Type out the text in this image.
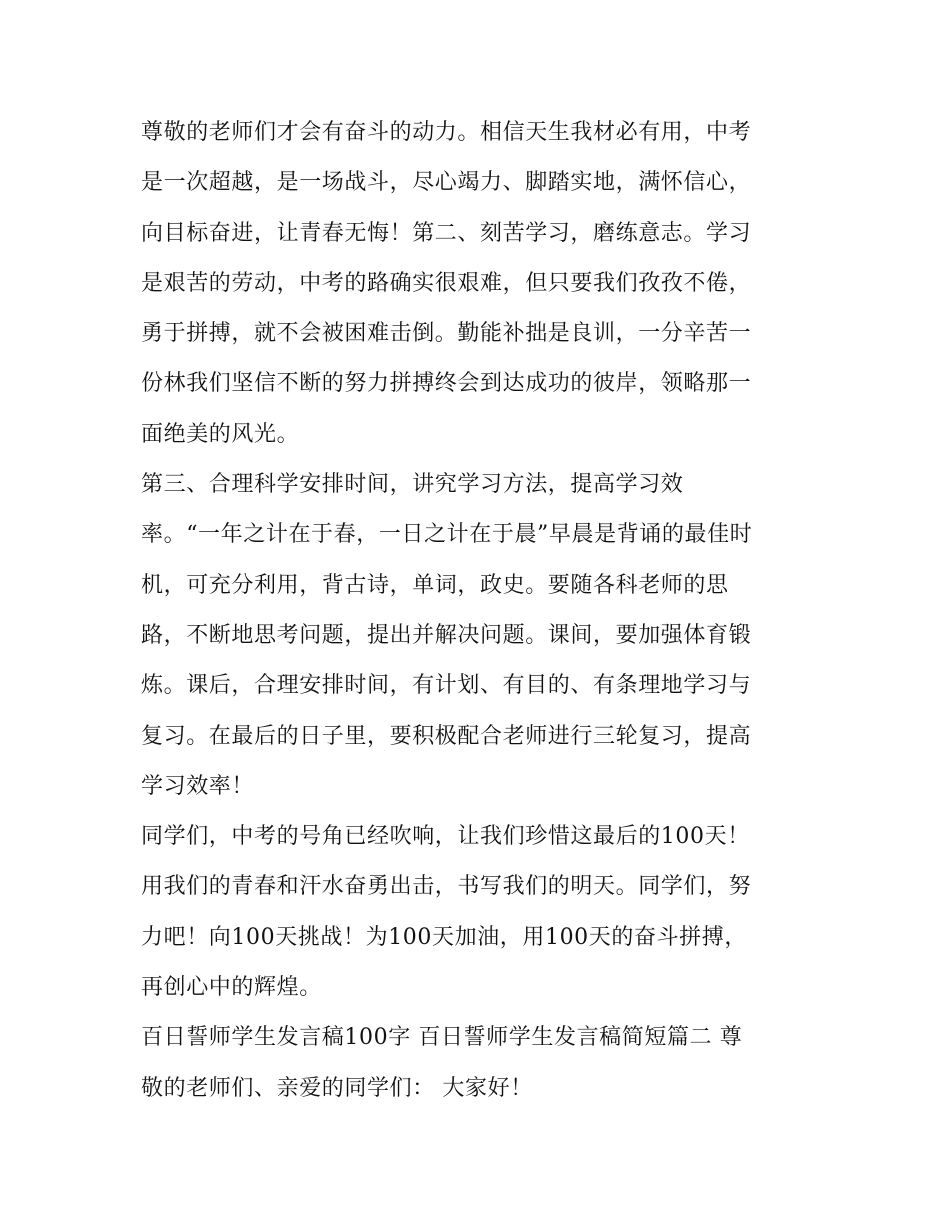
尊敬的老师们才会有奋斗的动力。相信天生我材必有用，中考
是一次超越，是一场战斗，尽心竭力、脚踏实地，满怀信心，
向目标奋进，让青春无悔！第二、刻苦学习，磨练意志。学习
是艰苦的劳动，中考的路确实很艰难，但只要我们孜孜不倦，
勇于拼搏，就不会被困难击倒。勤能补拙是良训，一分辛苦一
份林我们坚信不断的努力拼搏终会到达成功的彼岸，领略那一
面绝美的风光。
第三、合理科学安排时间，讲究学习方法，提高学习效
率。“一年之计在于春，一日之计在于晨”早晨是背诵的最佳时
机，可充分利用，背古诗，单词，政史。要随各科老师的思
路，不断地思考问题，提出并解决问题。课间，要加强体育锻
炼。课后，合理安排时间，有计划、有目的、有条理地学习与
复习。在最后的日子里，要积极配合老师进行三轮复习，提高
学习效率！
同学们，中考的号角已经吹响，让我们珍惜这最后的100天！
用我们的青春和汗水奋勇出击，书写我们的明天。同学们，努
力吧！向100天挑战！为100天加油，用100天的奋斗拼搏，
再创心中的辉煌。
百日誓师学生发言稿100字 百日誓师学生发言稿简短篇二 尊
敬的老师们、亲爱的同学们： 大家好！
